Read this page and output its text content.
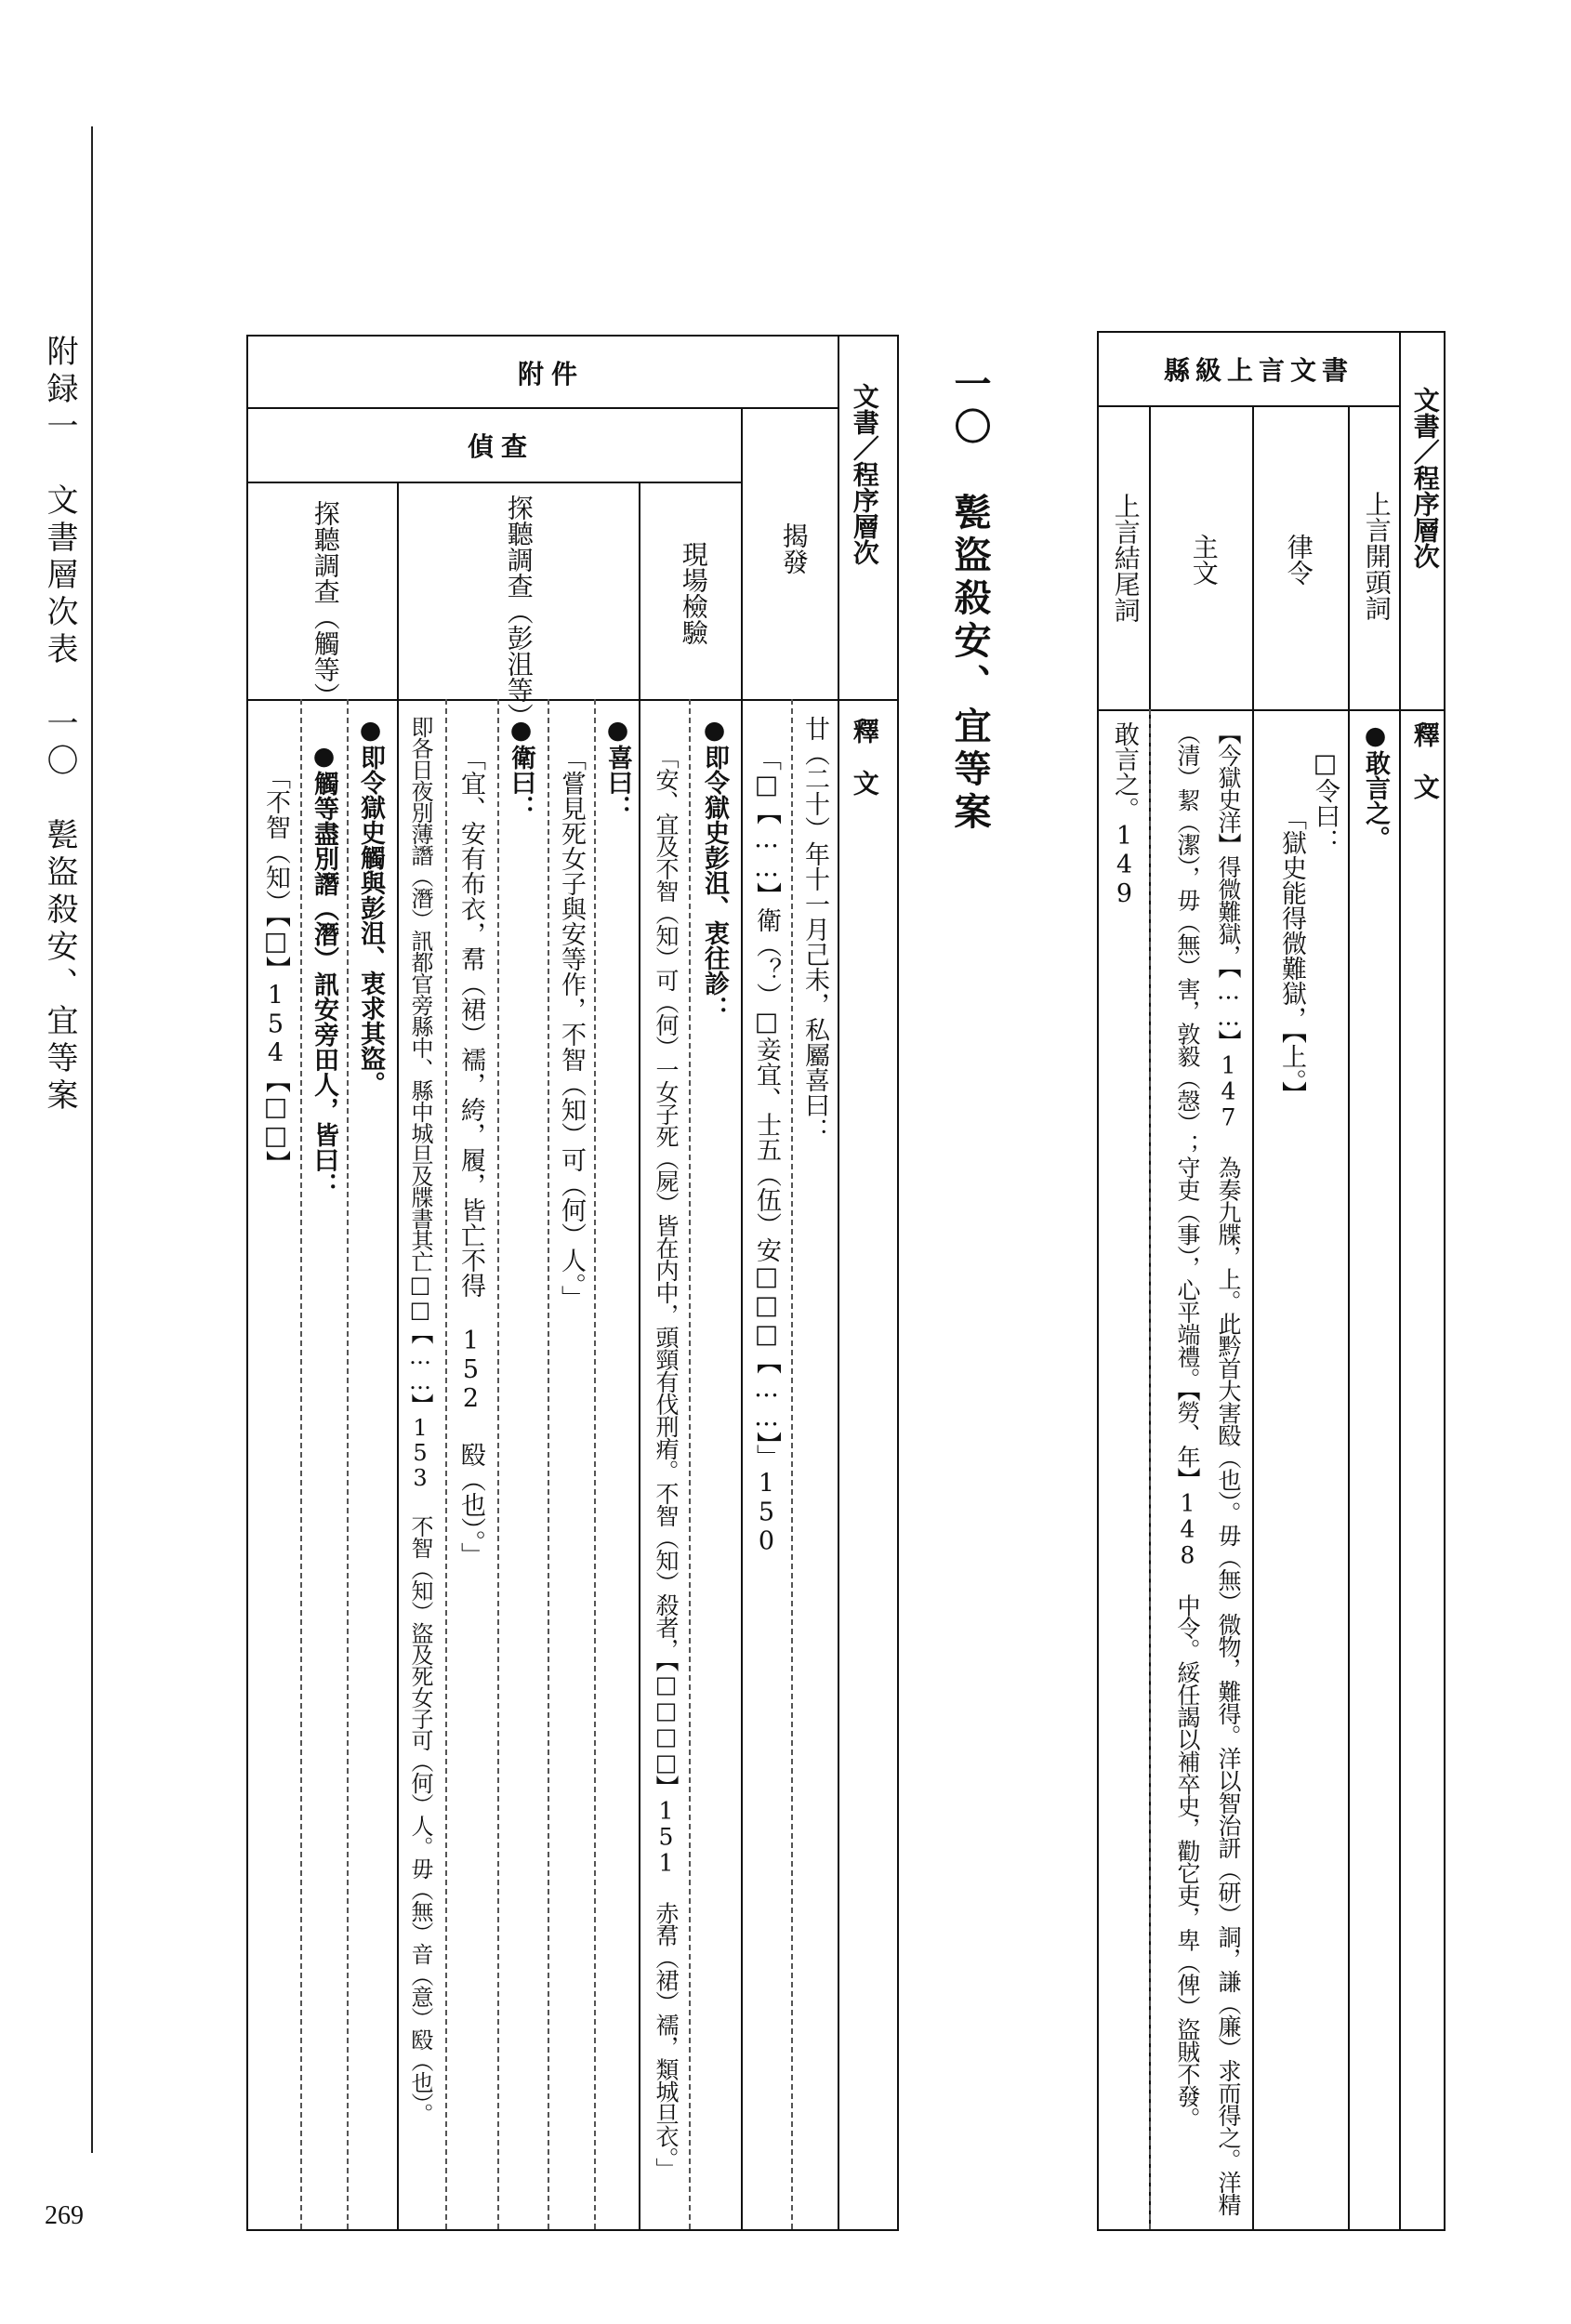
附録一　文書層次表　一〇　甏盜殺安、宜等案
269
文書／程序層次
釋　文
縣級上言文書
上言開頭詞
律令
主文
上言結尾詞
●敢言之。
□令曰：
「獄史能得微難獄，【上。】
【今獄史洋】得微難獄，【……】147 為奏九牒，上。此黔首大害殹（也）。毋（無）微物，難得。洋以智治訮（研）詷，謙（廉）求而得之。洋精
（清）絜（潔），毋（無）害，敦毅（愨）；守吏（事），心平端禮。【勞、年】148 中令。綏任謁以補卒史，勸它吏，卑（俾）盜賊不發。
敢言之。149
一〇　甏盜殺安、宜等案
文書／程序層次
釋　文
附件
偵查
揭發
現場檢驗
探聽調查（彭沮等）
探聽調查（觸等）
廿（二十）年十一月己未，私屬喜曰：
「□【……】衛（？）□妾宜、士五（伍）安□□□【……】」150
●即令獄史彭沮、衷往診：
「安、宜及不智（知）可（何）一女子死（屍）皆在内中，頭頸有伐刑痏。不智（知）殺者，【□□□□】151 赤帬（裙）襦，類城旦衣。」
●喜曰：
「嘗見死女子與安等作，不智（知）可（何）人。」
●衛曰：
「宜、安有布衣，帬（裙）襦，絝，履，皆亡不得 152 殹（也）。」
即各日夜別薄譖（潛）訊都官旁縣中、縣中城旦及牒書其亡□□【……】153 不智（知）盜及死女子可（何）人。毋（無）音（意）殹（也）。
●即令獄史觸與彭沮、衷求其盜。
●觸等盡別譖（潛）訊安旁田人，皆曰：
「不智（知）【□】154【□□】
